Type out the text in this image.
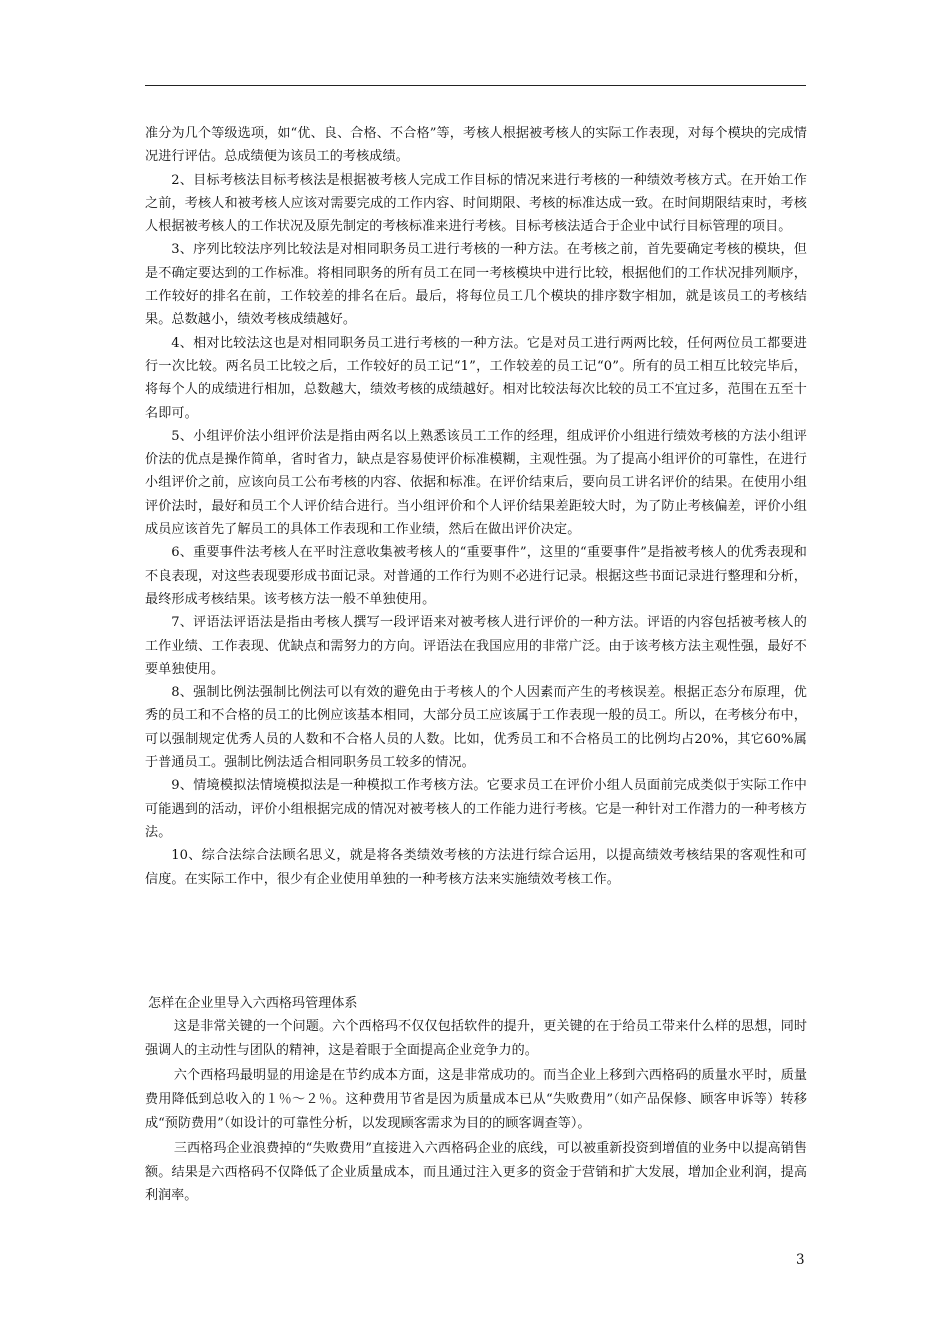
准分为几个等级选项，如“优、良、合格、不合格”等，考核人根据被考核人的实际工作表现，对每个模块的完成情况进行评估。总成绩便为该员工的考核成绩。

2、目标考核法目标考核法是根据被考核人完成工作目标的情况来进行考核的一种绩效考核方式。在开始工作之前，考核人和被考核人应该对需要完成的工作内容、时间期限、考核的标准达成一致。在时间期限结束时，考核人根据被考核人的工作状况及原先制定的考核标准来进行考核。目标考核法适合于企业中试行目标管理的项目。

3、序列比较法序列比较法是对相同职务员工进行考核的一种方法。在考核之前，首先要确定考核的模块，但是不确定要达到的工作标准。将相同职务的所有员工在同一考核模块中进行比较，根据他们的工作状况排列顺序，工作较好的排名在前，工作较差的排名在后。最后，将每位员工几个模块的排序数字相加，就是该员工的考核结果。总数越小，绩效考核成绩越好。

4、相对比较法这也是对相同职务员工进行考核的一种方法。它是对员工进行两两比较，任何两位员工都要进行一次比较。两名员工比较之后，工作较好的员工记“1”，工作较差的员工记“0”。所有的员工相互比较完毕后，将每个人的成绩进行相加，总数越大，绩效考核的成绩越好。相对比较法每次比较的员工不宜过多，范围在五至十名即可。

5、小组评价法小组评价法是指由两名以上熟悉该员工工作的经理，组成评价小组进行绩效考核的方法小组评价法的优点是操作简单，省时省力，缺点是容易使评价标准模糊，主观性强。为了提高小组评价的可靠性，在进行小组评价之前，应该向员工公布考核的内容、依据和标准。在评价结束后，要向员工讲名评价的结果。在使用小组评价法时，最好和员工个人评价结合进行。当小组评价和个人评价结果差距较大时，为了防止考核偏差，评价小组成员应该首先了解员工的具体工作表现和工作业绩，然后在做出评价决定。

6、重要事件法考核人在平时注意收集被考核人的“重要事件”，这里的“重要事件”是指被考核人的优秀表现和不良表现，对这些表现要形成书面记录。对普通的工作行为则不必进行记录。根据这些书面记录进行整理和分析，最终形成考核结果。该考核方法一般不单独使用。

7、评语法评语法是指由考核人撰写一段评语来对被考核人进行评价的一种方法。评语的内容包括被考核人的工作业绩、工作表现、优缺点和需努力的方向。评语法在我国应用的非常广泛。由于该考核方法主观性强，最好不要单独使用。

8、强制比例法强制比例法可以有效的避免由于考核人的个人因素而产生的考核误差。根据正态分布原理，优秀的员工和不合格的员工的比例应该基本相同，大部分员工应该属于工作表现一般的员工。所以，在考核分布中，可以强制规定优秀人员的人数和不合格人员的人数。比如，优秀员工和不合格员工的比例均占20%，其它60%属于普通员工。强制比例法适合相同职务员工较多的情况。

9、情境模拟法情境模拟法是一种模拟工作考核方法。它要求员工在评价小组人员面前完成类似于实际工作中可能遇到的活动，评价小组根据完成的情况对被考核人的工作能力进行考核。它是一种针对工作潜力的一种考核方法。

10、综合法综合法顾名思义，就是将各类绩效考核的方法进行综合运用，以提高绩效考核结果的客观性和可信度。在实际工作中，很少有企业使用单独的一种考核方法来实施绩效考核工作。

怎样在企业里导入六西格玛管理体系

这是非常关键的一个问题。六个西格玛不仅仅包括软件的提升，更关键的在于给员工带来什么样的思想，同时强调人的主动性与团队的精神，这是着眼于全面提高企业竞争力的。

六个西格玛最明显的用途是在节约成本方面，这是非常成功的。而当企业上移到六西格码的质量水平时，质量费用降低到总收入的１％～２％。这种费用节省是因为质量成本已从“失败费用”（如产品保修、顾客申诉等）转移成“预防费用”（如设计的可靠性分析，以发现顾客需求为目的的顾客调查等）。

三西格玛企业浪费掉的“失败费用”直接进入六西格码企业的底线，可以被重新投资到增值的业务中以提高销售额。结果是六西格码不仅降低了企业质量成本，而且通过注入更多的资金于营销和扩大发展，增加企业利润，提高利润率。

3
